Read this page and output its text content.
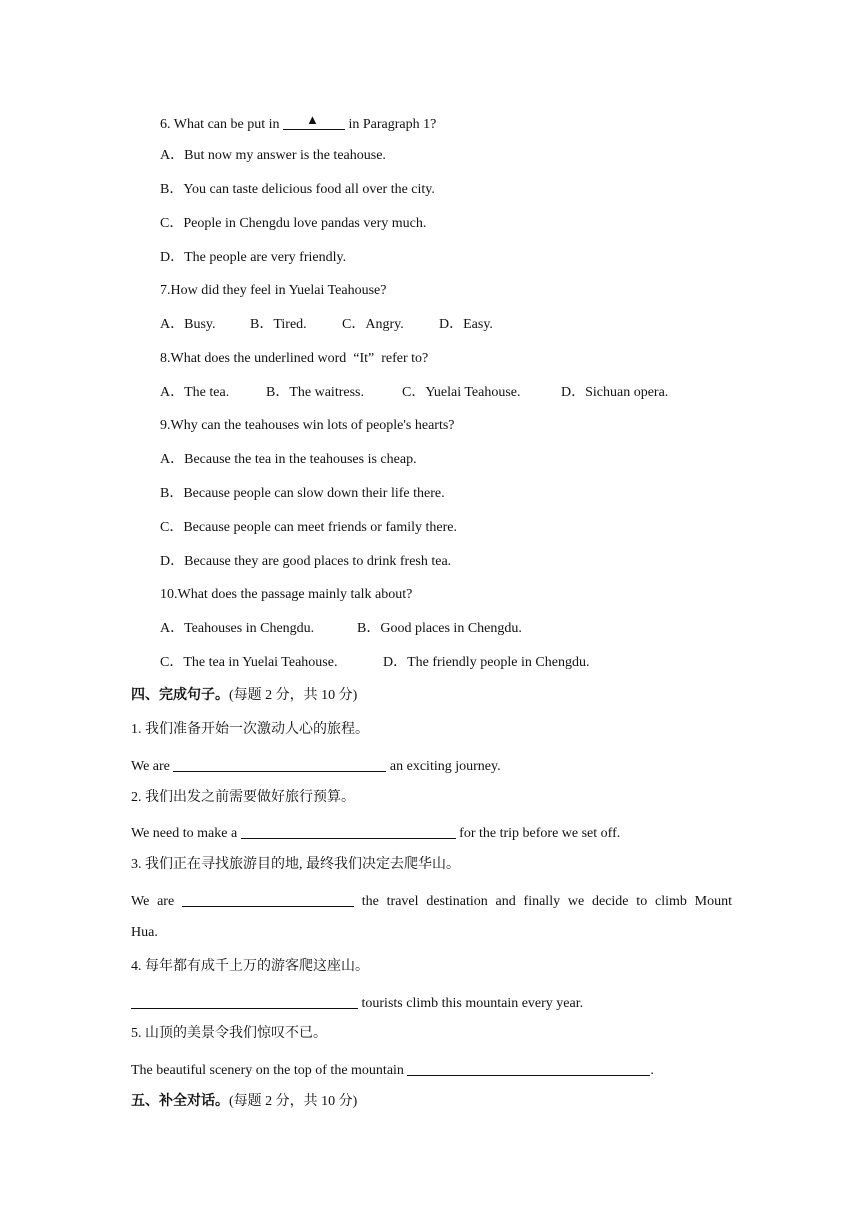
6. What can be put in ▲ in Paragraph 1?
A．But now my answer is the teahouse.
B．You can taste delicious food all over the city.
C．People in Chengdu love pandas very much.
D．The people are very friendly.
7.How did they feel in Yuelai Teahouse?
A．Busy. B．Tired.	C．Angry.	D．Easy.
8.What does the underlined word  “It”  refer to?
A．The tea.	B．The waitress.	C．Yuelai Teahouse.	D．Sichuan opera.
9.Why can the teahouses win lots of people's hearts?
A．Because the tea in the teahouses is cheap.
B．Because people can slow down their life there.
C．Because people can meet friends or family there.
D．Because they are good places to drink fresh tea.
10.What does the passage mainly talk about?
A．Teahouses in Chengdu.	B．Good places in Chengdu.
C．The tea in Yuelai Teahouse.	D．The friendly people in Chengdu.
四、完成句子。(每题 2 分，共 10 分)
1. 我们准备开始一次激动人心的旅程。
We are	an exciting journey.
2. 我们出发之前需要做好旅行预算。
We need to make a	for the trip before we set off.
3. 我们正在寻找旅游目的地, 最终我们决定去爬华山。
We are	the travel destination and finally we decide to climb Mount
Hua.
4. 每年都有成千上万的游客爬这座山。
tourists climb this mountain every year.
5. 山顶的美景令我们惊叹不已。
The beautiful scenery on the top of the mountain	.
五、补全对话。(每题 2 分，共 10 分)
